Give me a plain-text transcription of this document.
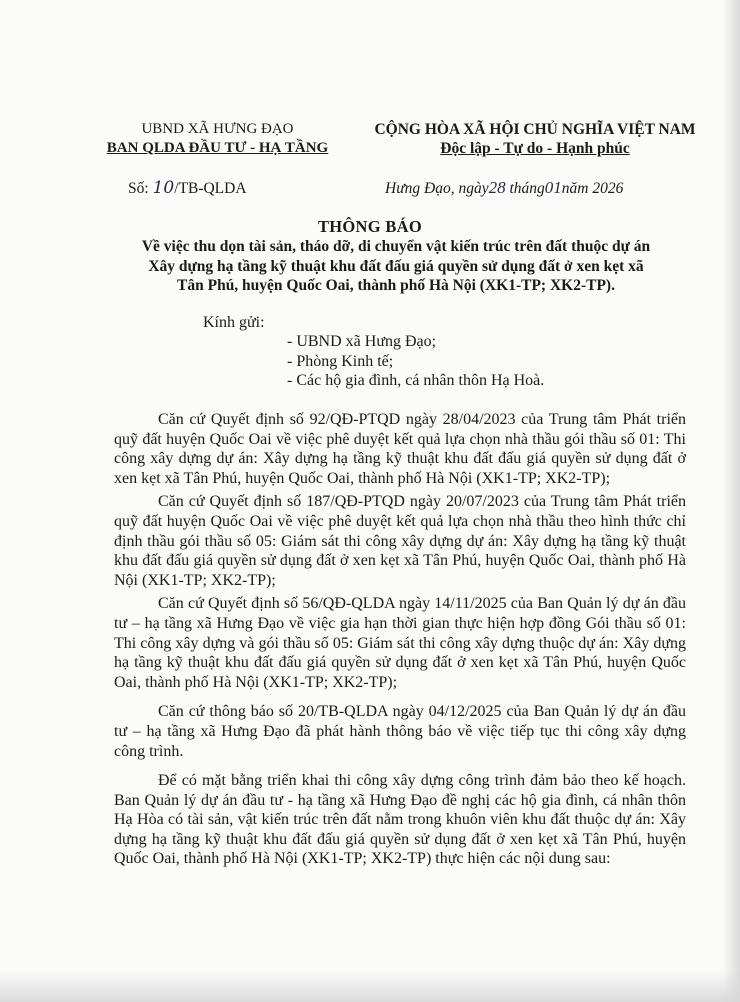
UBND XÃ HƯNG ĐẠO
BAN QLDA ĐẦU TƯ - HẠ TẦNG
CỘNG HÒA XÃ HỘI CHỦ NGHĨA VIỆT NAM
Độc lập - Tự do - Hạnh phúc
Số: 10/TB-QLDA	Hưng Đạo, ngày28 tháng01năm 2026
THÔNG BÁO
Về việc thu dọn tài sản, tháo dỡ, di chuyển vật kiến trúc trên đất thuộc dự án
Xây dựng hạ tầng kỹ thuật khu đất đấu giá quyền sử dụng đất ở xen kẹt xã
Tân Phú, huyện Quốc Oai, thành phố Hà Nội (XK1-TP; XK2-TP).
Kính gửi:
- UBND xã Hưng Đạo;
- Phòng Kinh tế;
- Các hộ gia đình, cá nhân thôn Hạ Hoà.

Căn cứ Quyết định số 92/QĐ-PTQD ngày 28/04/2023 của Trung tâm Phát triển quỹ đất huyện Quốc Oai về việc phê duyệt kết quả lựa chọn nhà thầu gói thầu số 01: Thi công xây dựng dự án: Xây dựng hạ tầng kỹ thuật khu đất đấu giá quyền sử dụng đất ở xen kẹt xã Tân Phú, huyện Quốc Oai, thành phố Hà Nội (XK1-TP; XK2-TP);

Căn cứ Quyết định số 187/QĐ-PTQD ngày 20/07/2023 của Trung tâm Phát triển quỹ đất huyện Quốc Oai về việc phê duyệt kết quả lựa chọn nhà thầu theo hình thức chỉ định thầu gói thầu số 05: Giám sát thi công xây dựng dự án: Xây dựng hạ tầng kỹ thuật khu đất đấu giá quyền sử dụng đất ở xen kẹt xã Tân Phú, huyện Quốc Oai, thành phố Hà Nội (XK1-TP; XK2-TP);

Căn cứ Quyết định số 56/QĐ-QLDA ngày 14/11/2025 của Ban Quản lý dự án đầu tư – hạ tầng xã Hưng Đạo về việc gia hạn thời gian thực hiện hợp đồng Gói thầu số 01: Thi công xây dựng và gói thầu số 05: Giám sát thi công xây dựng thuộc dự án: Xây dựng hạ tầng kỹ thuật khu đất đấu giá quyền sử dụng đất ở xen kẹt xã Tân Phú, huyện Quốc Oai, thành phố Hà Nội (XK1-TP; XK2-TP);

Căn cứ thông báo số 20/TB-QLDA ngày 04/12/2025 của Ban Quản lý dự án đầu tư – hạ tầng xã Hưng Đạo đã phát hành thông báo về việc tiếp tục thi công xây dựng công trình.

Để có mặt bằng triển khai thi công xây dựng công trình đảm bảo theo kế hoạch. Ban Quản lý dự án đầu tư - hạ tầng xã Hưng Đạo đề nghị các hộ gia đình, cá nhân thôn Hạ Hòa có tài sản, vật kiến trúc trên đất nằm trong khuôn viên khu đất thuộc dự án: Xây dựng hạ tầng kỹ thuật khu đất đấu giá quyền sử dụng đất ở xen kẹt xã Tân Phú, huyện Quốc Oai, thành phố Hà Nội (XK1-TP; XK2-TP) thực hiện các nội dung sau:
